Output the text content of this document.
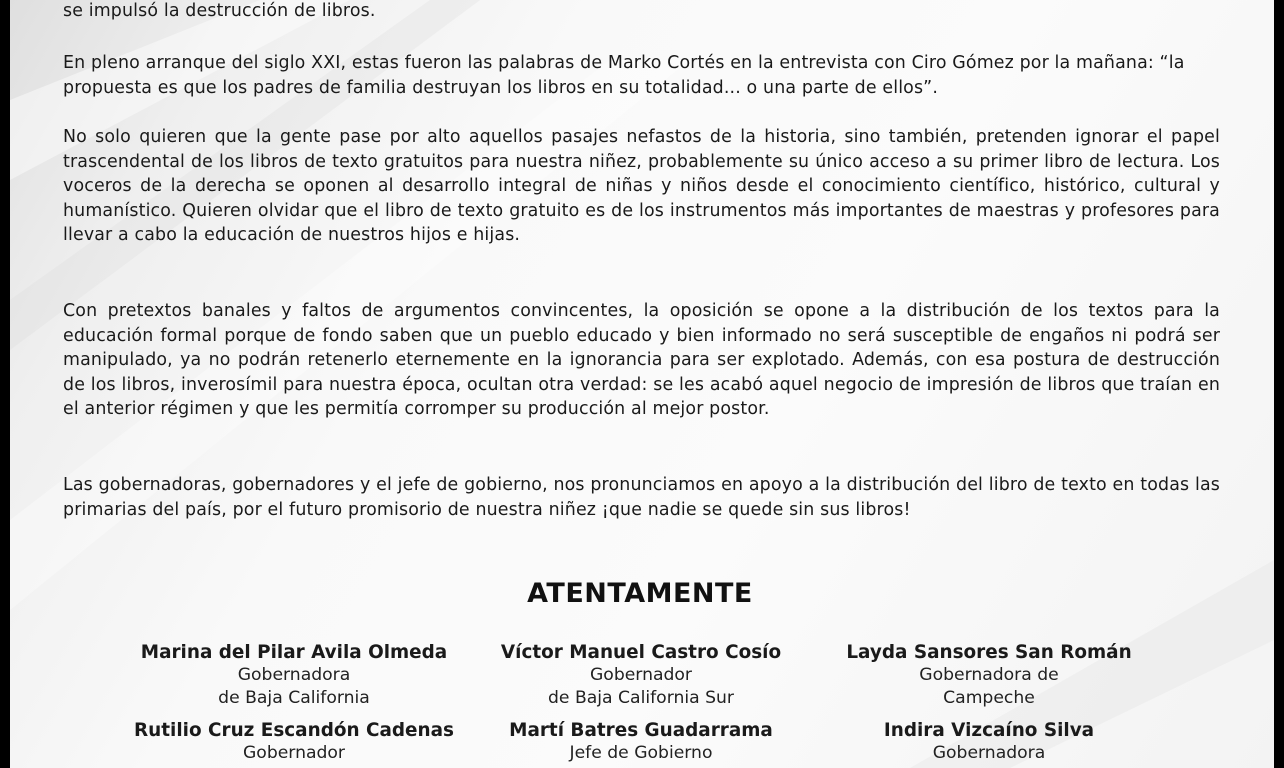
se impulsó la destrucción de libros.

En pleno arranque del siglo XXI, estas fueron las palabras de Marko Cortés en la entrevista con Ciro Gómez por la mañana: “la propuesta es que los padres de familia destruyan los libros en su totalidad... o una parte de ellos”.

No solo quieren que la gente pase por alto aquellos pasajes nefastos de la historia, sino también, pretenden ignorar el papel trascendental de los libros de texto gratuitos para nuestra niñez, probablemente su único acceso a su primer libro de lectura. Los voceros de la derecha se oponen al desarrollo integral de niñas y niños desde el conocimiento científico, histórico, cultural y humanístico. Quieren olvidar que el libro de texto gratuito es de los instrumentos más importantes de maestras y profesores para llevar a cabo la educación de nuestros hijos e hijas.

Con pretextos banales y faltos de argumentos convincentes, la oposición se opone a la distribución de los textos para la educación formal porque de fondo saben que un pueblo educado y bien informado no será susceptible de engaños ni podrá ser manipulado, ya no podrán retenerlo eternemente en la ignorancia para ser explotado. Además, con esa postura de destrucción de los libros, inverosímil para nuestra época, ocultan otra verdad: se les acabó aquel negocio de impresión de libros que traían en el anterior régimen y que les permitía corromper su producción al mejor postor.

Las gobernadoras, gobernadores y el jefe de gobierno, nos pronunciamos en apoyo a la distribución del libro de texto en todas las primarias del país, por el futuro promisorio de nuestra niñez ¡que nadie se quede sin sus libros!

ATENTAMENTE
Marina del Pilar Avila Olmeda
Gobernadora
de Baja California
Víctor Manuel Castro Cosío
Gobernador
de Baja California Sur
Layda Sansores San Román
Gobernadora de
Campeche
Rutilio Cruz Escandón Cadenas
Gobernador
Martí Batres Guadarrama
Jefe de Gobierno
Indira Vizcaíno Silva
Gobernadora
